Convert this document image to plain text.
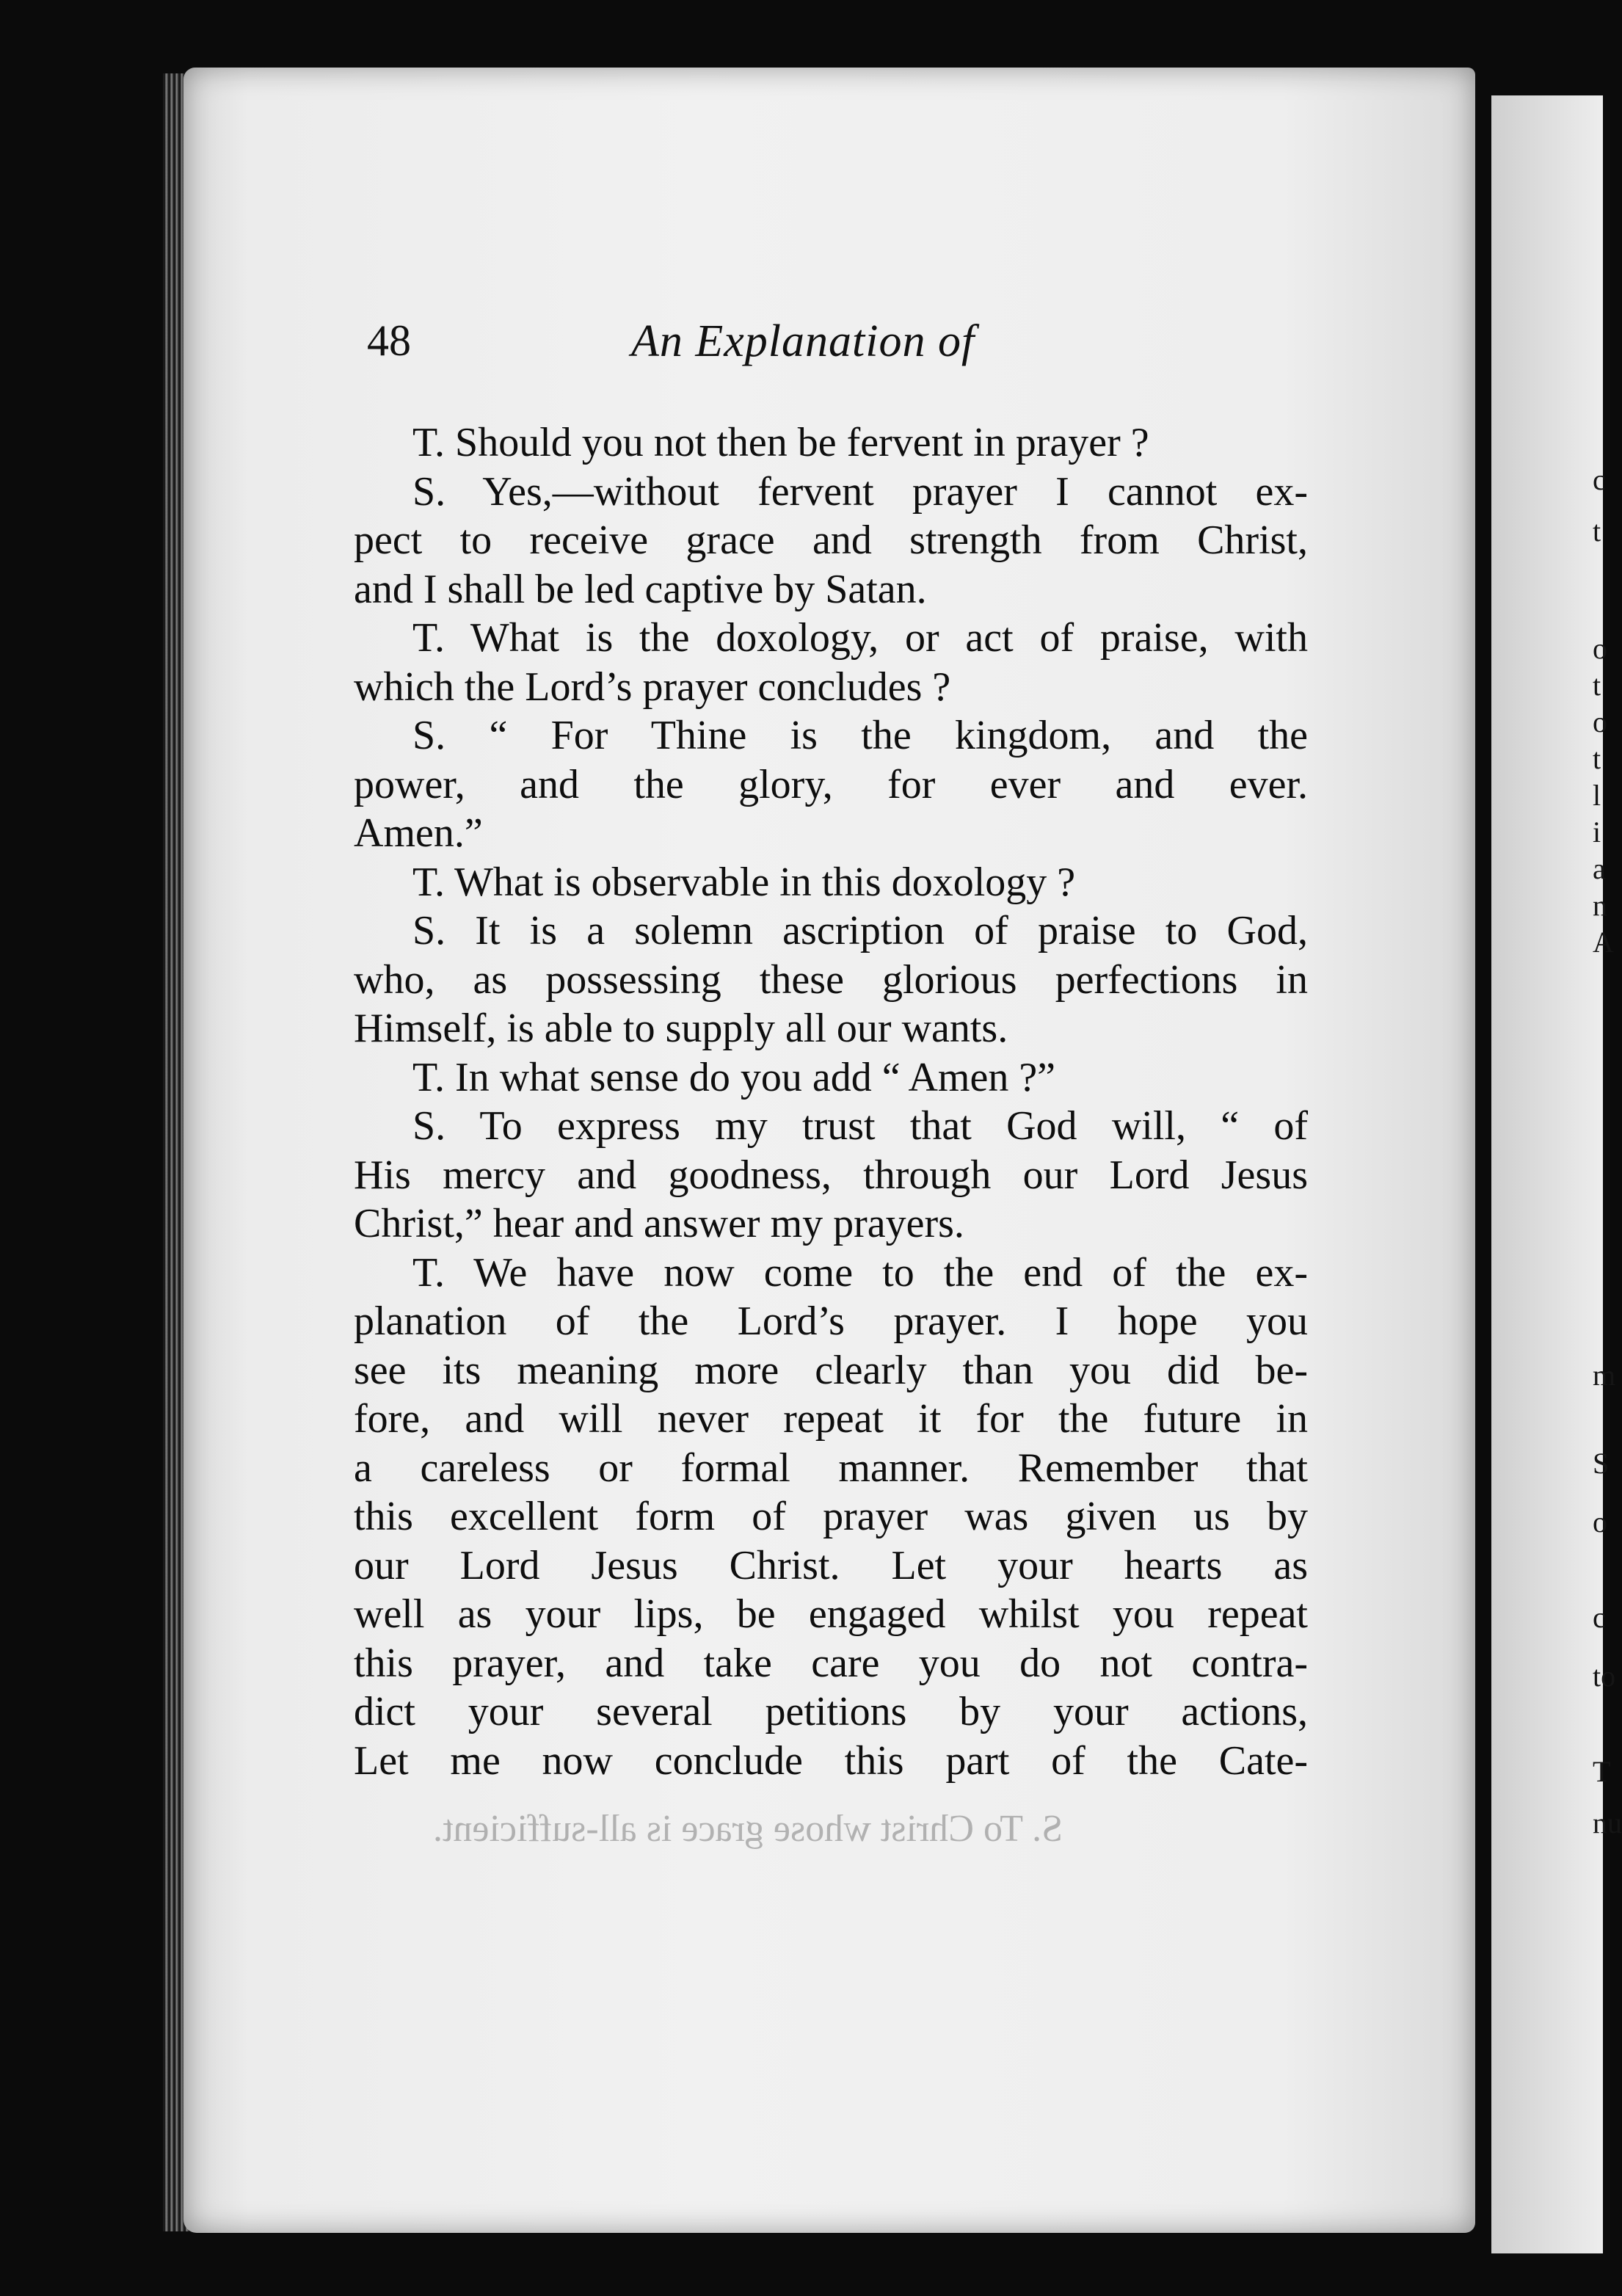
c
t
o
t
o
t
l
i
a
n
A
m
S
o
c
to
T
nu
48	An Explanation of
T. Should you not then be fervent in prayer ?
S. Yes,—without fervent prayer I cannot ex-
pect to receive grace and strength from Christ,
and I shall be led captive by Satan.
T. What is the doxology, or act of praise, with
which the Lord’s prayer concludes ?
S. “ For Thine is the kingdom, and the
power, and the glory, for ever and ever.
Amen.”
T. What is observable in this doxology ?
S. It is a solemn ascription of praise to God,
who, as possessing these glorious perfections in
Himself, is able to supply all our wants.
T. In what sense do you add “ Amen ?”
S. To express my trust that God will, “ of
His mercy and goodness, through our Lord Jesus
Christ,” hear and answer my prayers.
T. We have now come to the end of the ex-
planation of the Lord’s prayer. I hope you
see its meaning more clearly than you did be-
fore, and will never repeat it for the future in
a careless or formal manner. Remember that
this excellent form of prayer was given us by
our Lord Jesus Christ. Let your hearts as
well as your lips, be engaged whilst you repeat
this prayer, and take care you do not contra-
dict your several petitions by your actions,
Let me now conclude this part of the Cate-
S. To Christ whose grace is all-sufficient.
